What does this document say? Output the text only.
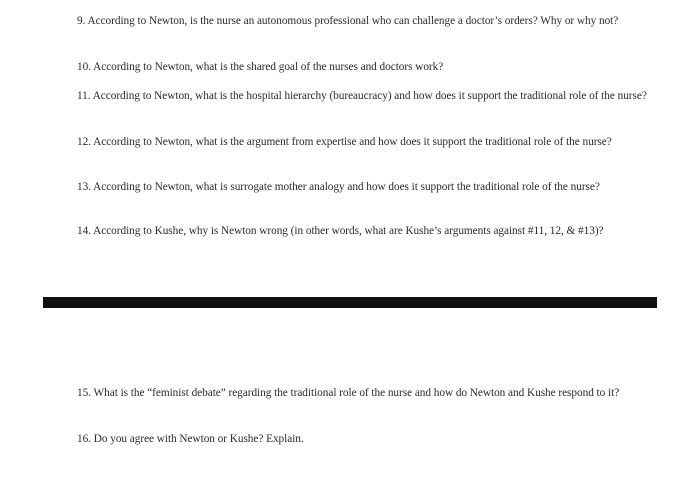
9. According to Newton, is the nurse an autonomous professional who can challenge a doctor’s orders? Why or why not?
10. According to Newton, what is the shared goal of the nurses and doctors work?
11. According to Newton, what is the hospital hierarchy (bureaucracy) and how does it support the traditional role of the nurse?
12. According to Newton, what is the argument from expertise and how does it support the traditional role of the nurse?
13. According to Newton, what is surrogate mother analogy and how does it support the traditional role of the nurse?
14. According to Kushe, why is Newton wrong (in other words, what are Kushe’s arguments against #11, 12, & #13)?
15. What is the “feminist debate” regarding the traditional role of the nurse and how do Newton and Kushe respond to it?
16. Do you agree with Newton or Kushe? Explain.
